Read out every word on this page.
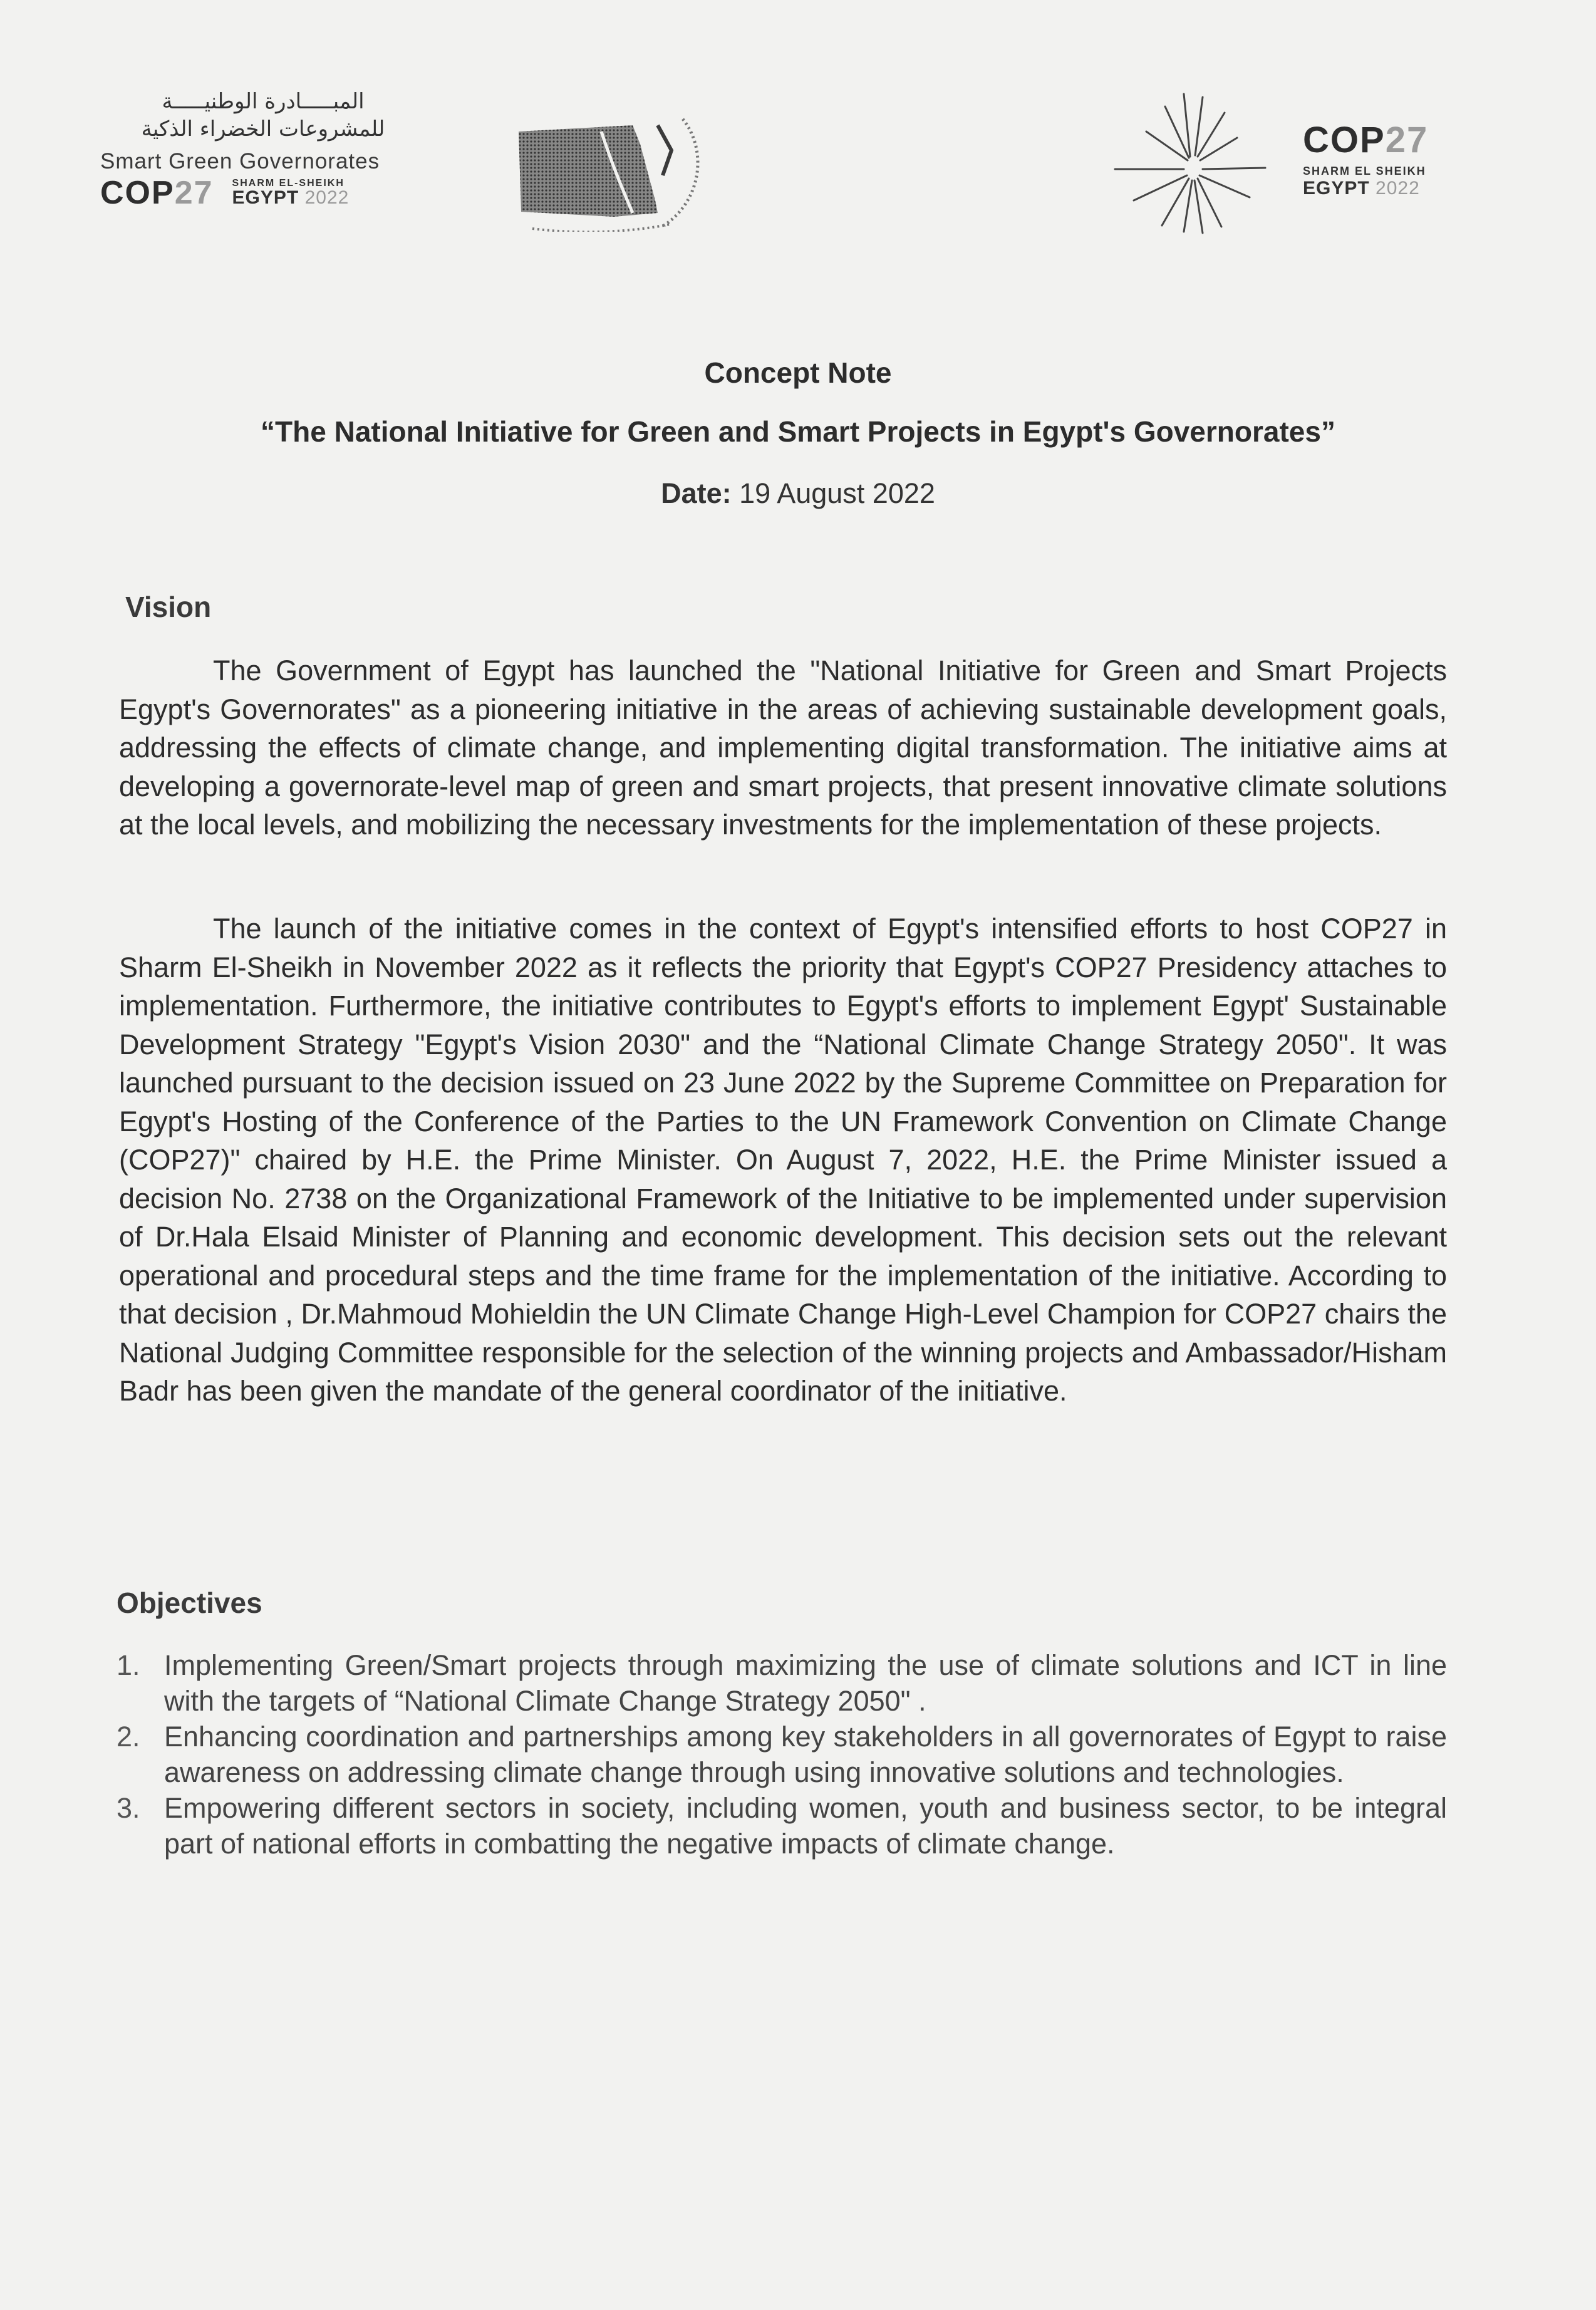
المبـــــادرة الوطنيـــــة
للمشروعات الخضراء الذكية
Smart Green Governorates
COP27 SHARM EL-SHEIKH
EGYPT 2022
COP27
SHARM EL SHEIKH
EGYPT 2022
Concept Note
“The National Initiative for Green and Smart Projects in Egypt's Governorates”
Date: 19 August 2022
Vision
The Government of Egypt has launched the "National Initiative for Green and Smart Projects Egypt's Governorates" as a pioneering initiative in the areas of achieving sustainable development goals, addressing the effects of climate change, and implementing digital transformation. The initiative aims at developing a governorate-level map of green and smart projects, that present innovative climate solutions at the local levels, and mobilizing the necessary investments for the implementation of these projects.
The launch of the initiative comes in the context of Egypt's intensified efforts to host COP27 in Sharm El-Sheikh in November 2022 as it reflects the priority that Egypt's COP27 Presidency attaches to implementation. Furthermore, the initiative contributes to Egypt's efforts to implement Egypt' Sustainable Development Strategy "Egypt's Vision 2030" and the “National Climate Change Strategy 2050". It was launched pursuant to the decision issued on 23 June 2022 by the Supreme Committee on Preparation for Egypt's Hosting of the Conference of the Parties to the UN Framework Convention on Climate Change (COP27)" chaired by H.E. the Prime Minister. On August 7, 2022, H.E. the Prime Minister issued a decision No. 2738 on the Organizational Framework of the Initiative to be implemented under supervision of Dr.Hala Elsaid Minister of Planning and economic development. This decision sets out the relevant operational and procedural steps and the time frame for the implementation of the initiative. According to that decision , Dr.Mahmoud Mohieldin the UN Climate Change High-Level Champion for COP27 chairs the National Judging Committee responsible for the selection of the winning projects and Ambassador/Hisham Badr has been given the mandate of the general coordinator of the initiative.
Objectives
1. Implementing Green/Smart projects through maximizing the use of climate solutions and ICT in line with the targets of “National Climate Change Strategy 2050" .
2. Enhancing coordination and partnerships among key stakeholders in all governorates of Egypt to raise awareness on addressing climate change through using innovative solutions and technologies.
3. Empowering different sectors in society, including women, youth and business sector, to be integral part of national efforts in combatting the negative impacts of climate change.
